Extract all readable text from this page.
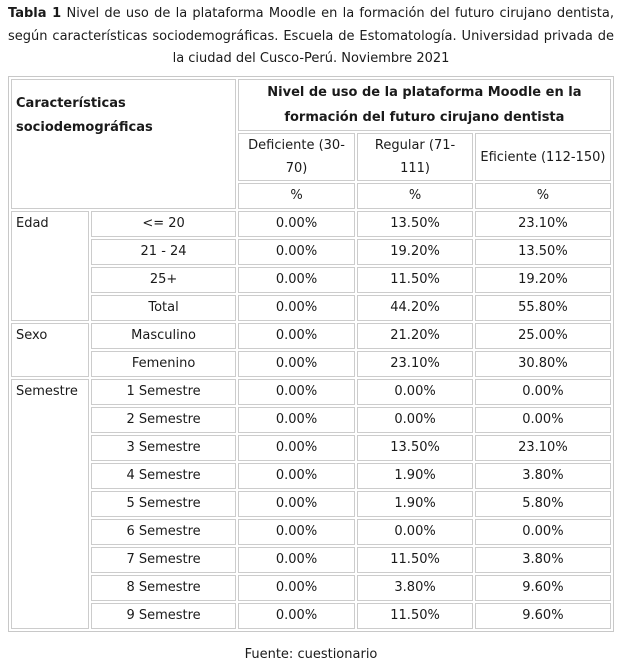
Tabla 1 Nivel de uso de la plataforma Moodle en la formación del futuro cirujano dentista, según características sociodemográficas. Escuela de Estomatología. Universidad privada de la ciudad del Cusco-Perú. Noviembre 2021
Características sociodemográficas		Nivel de uso de la plataforma Moodle en la formación del futuro cirujano dentista		
		Deficiente (30-70)	Regular (71-111)	Eficiente (112-150)
		%	%	%
Edad	<= 20	0.00%	13.50%	23.10%
	21 - 24	0.00%	19.20%	13.50%
	25+	0.00%	11.50%	19.20%
	Total	0.00%	44.20%	55.80%
Sexo	Masculino	0.00%	21.20%	25.00%
	Femenino	0.00%	23.10%	30.80%
Semestre	1 Semestre	0.00%	0.00%	0.00%
	2 Semestre	0.00%	0.00%	0.00%
	3 Semestre	0.00%	13.50%	23.10%
	4 Semestre	0.00%	1.90%	3.80%
	5 Semestre	0.00%	1.90%	5.80%
	6 Semestre	0.00%	0.00%	0.00%
	7 Semestre	0.00%	11.50%	3.80%
	8 Semestre	0.00%	3.80%	9.60%
	9 Semestre	0.00%	11.50%	9.60%
Fuente: cuestionario
